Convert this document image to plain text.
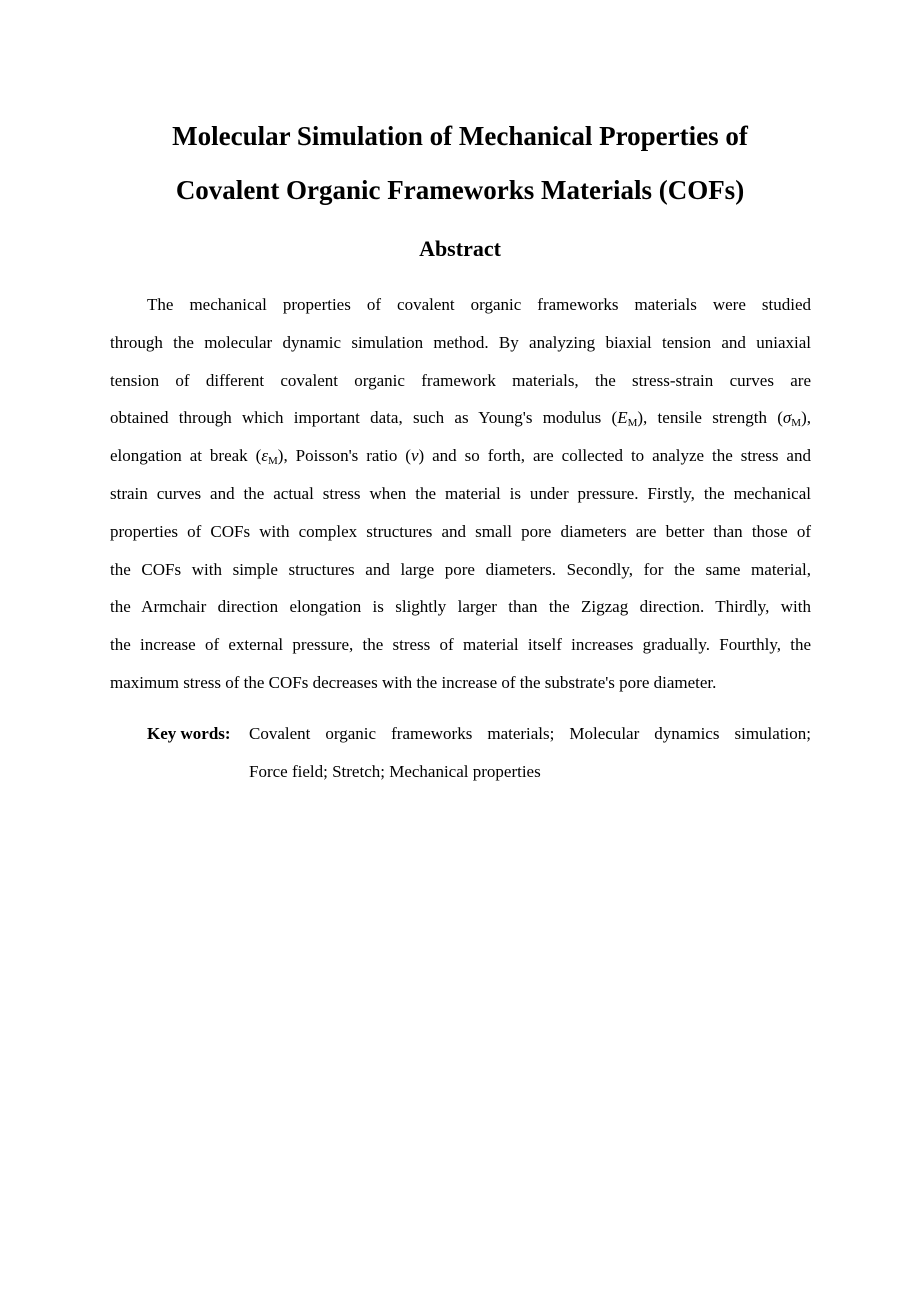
Molecular Simulation of Mechanical Properties of
Covalent Organic Frameworks Materials (COFs)
Abstract
The mechanical properties of covalent organic frameworks materials were studied
through the molecular dynamic simulation method. By analyzing biaxial tension and uniaxial
tension of different covalent organic framework materials, the stress-strain curves are
obtained through which important data, such as Young's modulus $(E_M)$, tensile strength $(\sigma_M)$,
elongation at break $(\varepsilon_M)$, Poisson's ratio (ν) and so forth, are collected to analyze the stress and
strain curves and the actual stress when the material is under pressure. Firstly, the mechanical
properties of COFs with complex structures and small pore diameters are better than those of
the COFs with simple structures and large pore diameters. Secondly, for the same material,
the Armchair direction elongation is slightly larger than the Zigzag direction. Thirdly, with
the increase of external pressure, the stress of material itself increases gradually. Fourthly, the
maximum stress of the COFs decreases with the increase of the substrate's pore diameter.
Key words: Covalent organic frameworks materials; Molecular dynamics simulation;
Force field; Stretch; Mechanical properties
